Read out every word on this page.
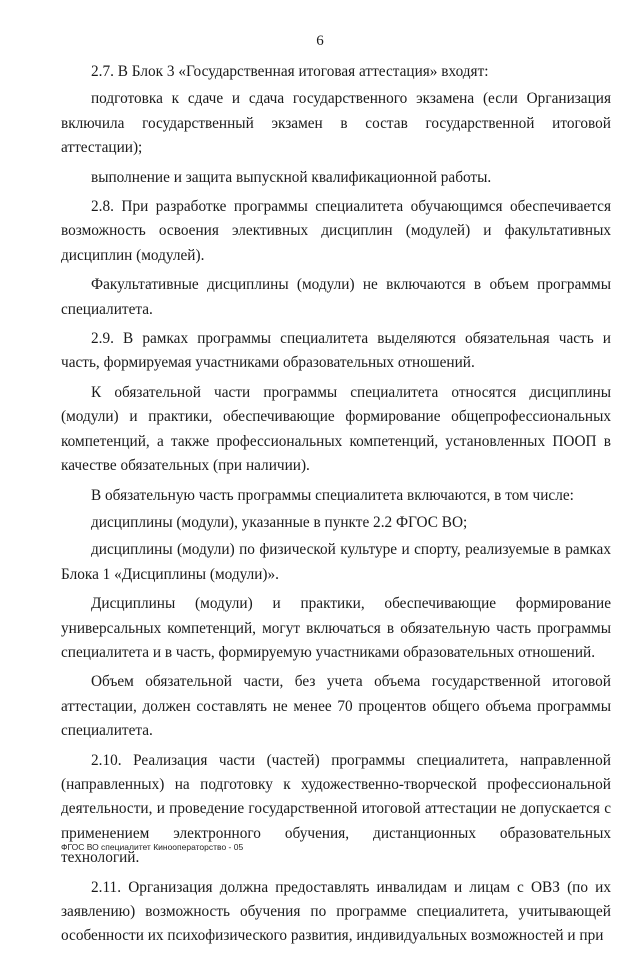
6

2.7. В Блок 3 «Государственная итоговая аттестация» входят:

подготовка к сдаче и сдача государственного экзамена (если Организация включила государственный экзамен в состав государственной итоговой аттестации);

выполнение и защита выпускной квалификационной работы.

2.8. При разработке программы специалитета обучающимся обеспечивается возможность освоения элективных дисциплин (модулей) и факультативных дисциплин (модулей).

Факультативные дисциплины (модули) не включаются в объем программы специалитета.

2.9. В рамках программы специалитета выделяются обязательная часть и часть, формируемая участниками образовательных отношений.

К обязательной части программы специалитета относятся дисциплины (модули) и практики, обеспечивающие формирование общепрофессиональных компетенций, а также профессиональных компетенций, установленных ПООП в качестве обязательных (при наличии).

В обязательную часть программы специалитета включаются, в том числе:

дисциплины (модули), указанные в пункте 2.2 ФГОС ВО;

дисциплины (модули) по физической культуре и спорту, реализуемые в рамках Блока 1 «Дисциплины (модули)».

Дисциплины (модули) и практики, обеспечивающие формирование универсальных компетенций, могут включаться в обязательную часть программы специалитета и в часть, формируемую участниками образовательных отношений.

Объем обязательной части, без учета объема государственной итоговой аттестации, должен составлять не менее 70 процентов общего объема программы специалитета.

2.10. Реализация части (частей) программы специалитета, направленной (направленных) на подготовку к художественно-творческой профессиональной деятельности, и проведение государственной итоговой аттестации не допускается с применением электронного обучения, дистанционных образовательных технологий.

2.11. Организация должна предоставлять инвалидам и лицам с ОВЗ (по их заявлению) возможность обучения по программе специалитета, учитывающей особенности их психофизического развития, индивидуальных возможностей и при

ФГОС ВО специалитет Кинооператорство - 05
